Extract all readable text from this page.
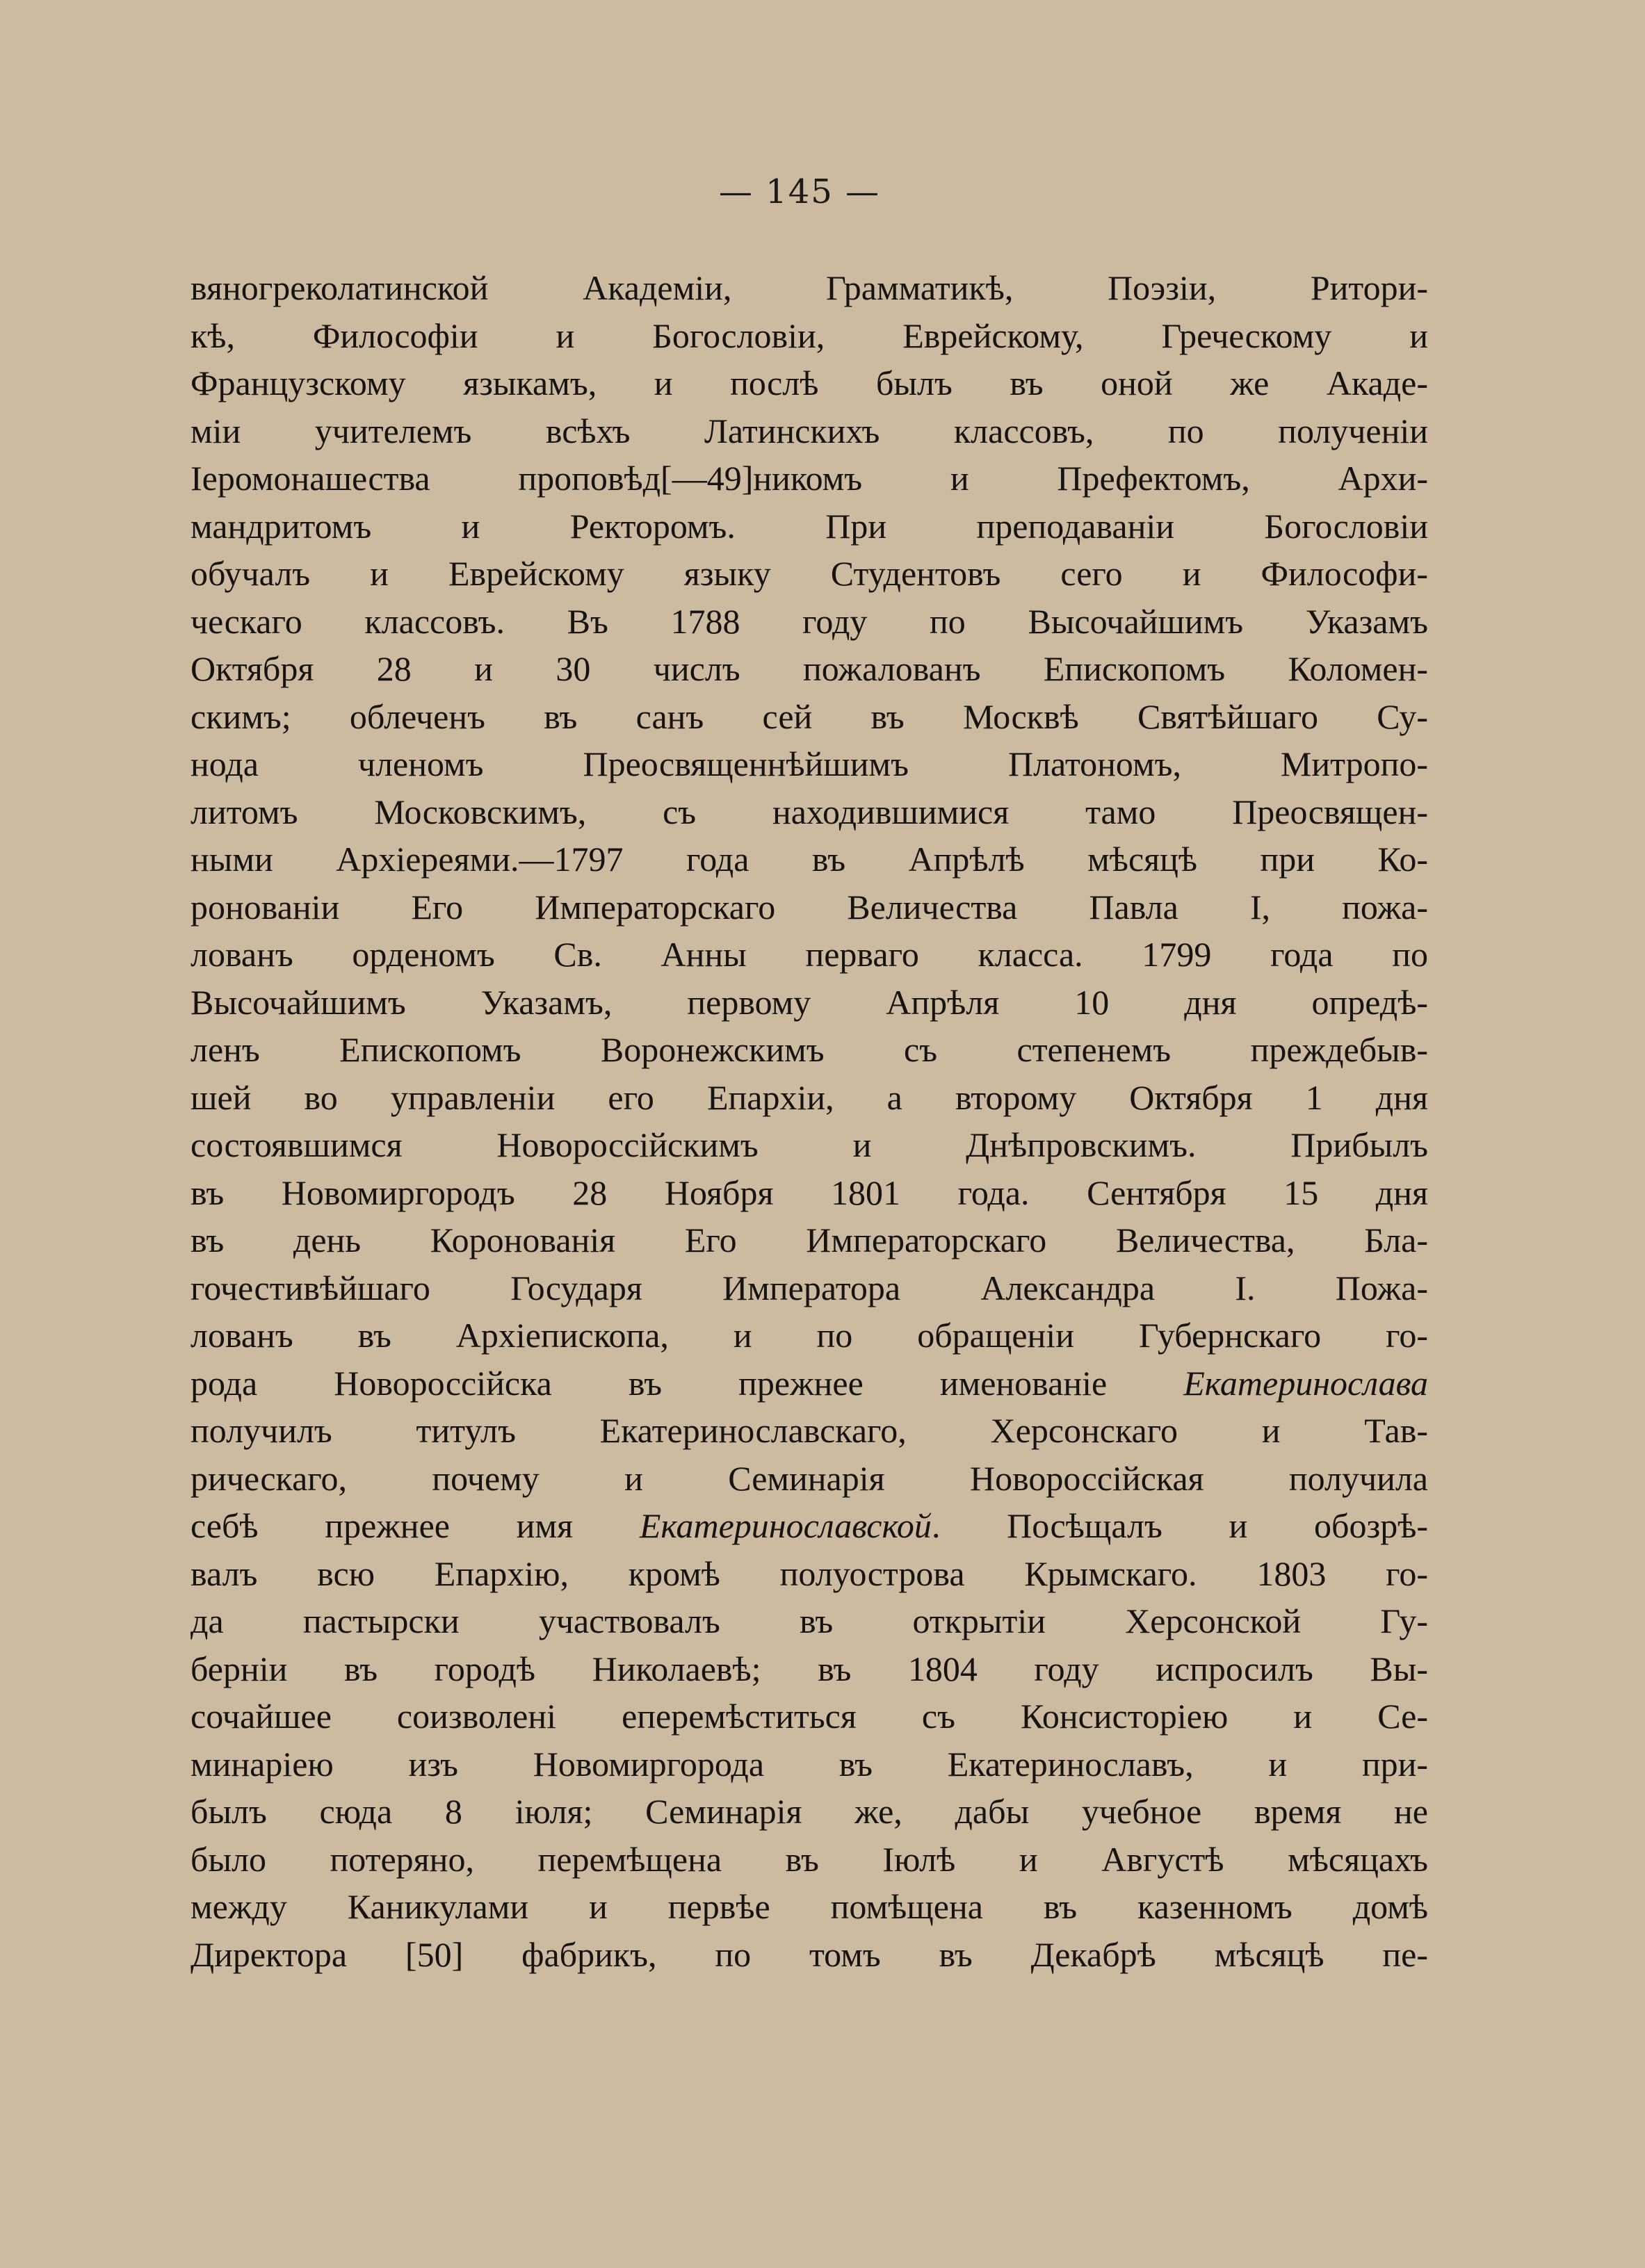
— 145 —
вяногреколатинской Академіи, Грамматикѣ, Поэзіи, Ритори-
кѣ, Философіи и Богословіи, Еврейскому, Греческому и
Французскому языкамъ, и послѣ былъ въ оной же Акаде-
міи учителемъ всѣхъ Латинскихъ классовъ, по полученіи
Іеромонашества проповѣд[—49]никомъ и Префектомъ, Архи-
мандритомъ и Ректоромъ. При преподаваніи Богословіи
обучалъ и Еврейскому языку Студентовъ сего и Философи-
ческаго классовъ. Въ 1788 году по Высочайшимъ Указамъ
Октября 28 и 30 числъ пожалованъ Епископомъ Коломен-
скимъ; облеченъ въ санъ сей въ Москвѣ Святѣйшаго Су-
нода членомъ Преосвященнѣйшимъ Платономъ, Митропо-
литомъ Московскимъ, съ находившимися тамо Преосвящен-
ными Архіереями.—1797 года въ Апрѣлѣ мѣсяцѣ при Ко-
ронованіи Его Императорскаго Величества Павла I, пожа-
лованъ орденомъ Св. Анны перваго класса. 1799 года по
Высочайшимъ Указамъ, первому Апрѣля 10 дня опредѣ-
ленъ Епископомъ Воронежскимъ съ степенемъ преждебыв-
шей во управленіи его Епархіи, а второму Октября 1 дня
состоявшимся Новороссійскимъ и Днѣпровскимъ. Прибылъ
въ Новомиргородъ 28 Ноября 1801 года. Сентября 15 дня
въ день Коронованія Его Императорскаго Величества, Бла-
гочестивѣйшаго Государя Императора Александра I. Пожа-
лованъ въ Архіепископа, и по обращеніи Губернскаго го-
рода Новороссійска въ прежнее именованіе Екатеринослава
получилъ титулъ Екатеринославскаго, Херсонскаго и Тав-
рическаго, почему и Семинарія Новороссійская получила
себѣ прежнее имя Екатеринославской. Посѣщалъ и обозрѣ-
валъ всю Епархію, кромѣ полуострова Крымскаго. 1803 го-
да пастырски участвовалъ въ открытіи Херсонской Гу-
берніи въ городѣ Николаевѣ; въ 1804 году испросилъ Вы-
сочайшее соизволені еперемѣститься съ Консисторіею и Се-
минаріею изъ Новомиргорода въ Екатеринославъ, и при-
былъ сюда 8 іюля; Семинарія же, дабы учебное время не
было потеряно, перемѣщена въ Іюлѣ и Августѣ мѣсяцахъ
между Каникулами и первѣе помѣщена въ казенномъ домѣ
Директора [50] фабрикъ, по томъ въ Декабрѣ мѣсяцѣ пе-
